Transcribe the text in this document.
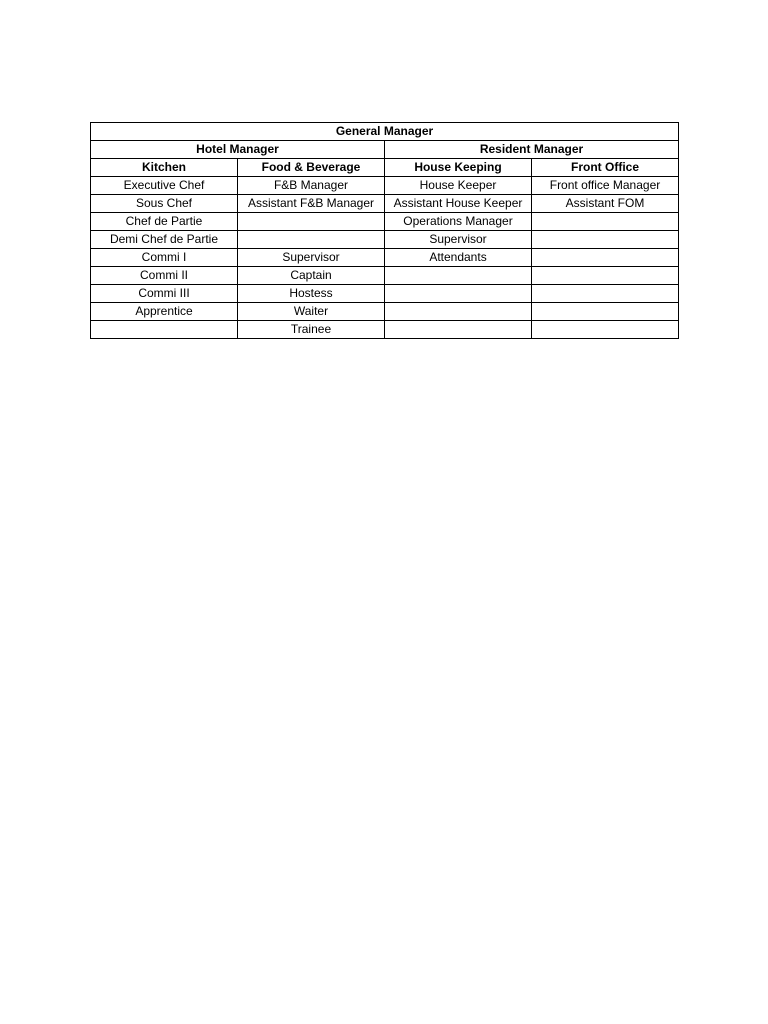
General Manager			
Hotel Manager		Resident Manager	
Kitchen	Food & Beverage	House Keeping	Front Office
Executive Chef	F&B Manager	House Keeper	Front office Manager
Sous Chef	Assistant F&B Manager	Assistant House Keeper	Assistant FOM
Chef de Partie		Operations Manager	
Demi Chef de Partie		Supervisor	
Commi I	Supervisor	Attendants	
Commi II	Captain		
Commi III	Hostess		
Apprentice	Waiter		
	Trainee		
